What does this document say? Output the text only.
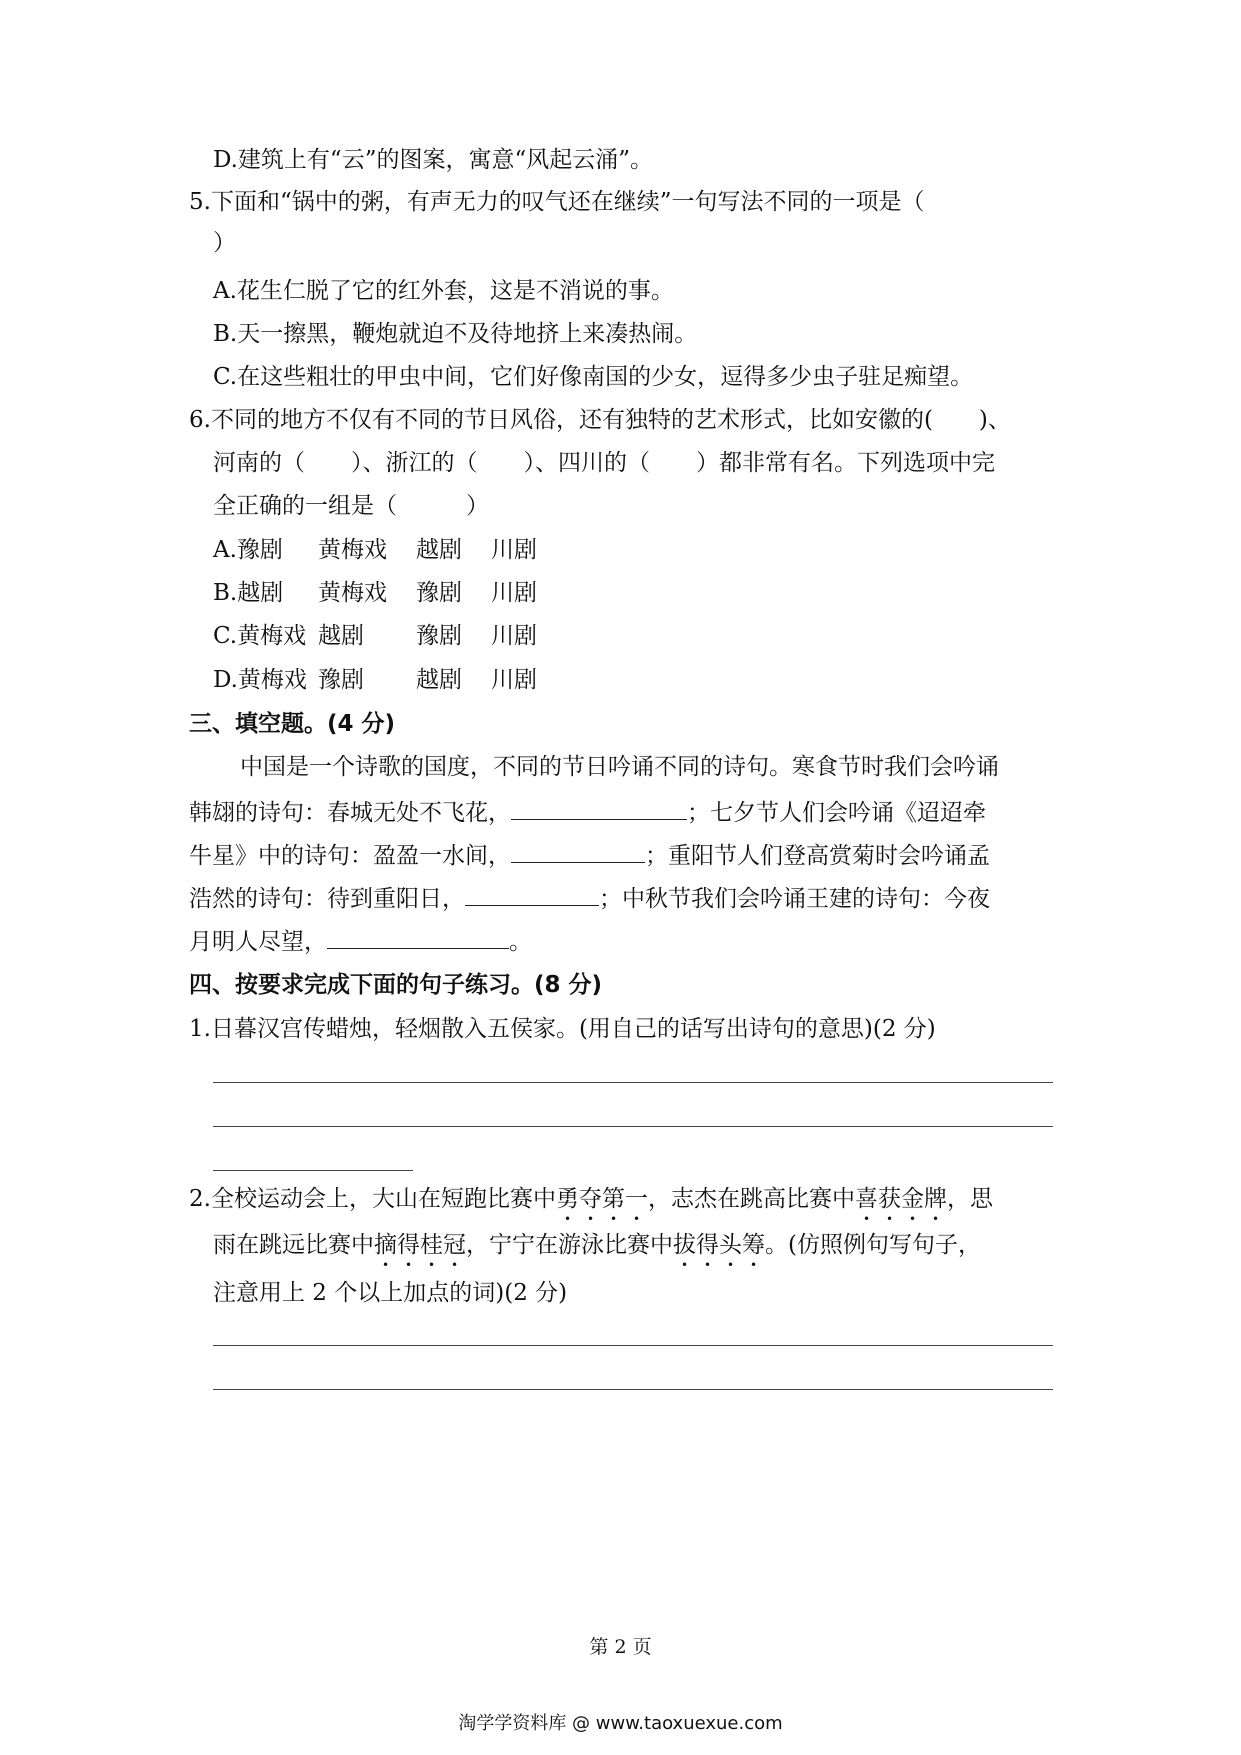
D.建筑上有“云”的图案，寓意“风起云涌”。
5.下面和“锅中的粥，有声无力的叹气还在继续”一句写法不同的一项是（
）
A.花生仁脱了它的红外套，这是不消说的事。
B.天一擦黑，鞭炮就迫不及待地挤上来凑热闹。
C.在这些粗壮的甲虫中间，它们好像南国的少女，逗得多少虫子驻足痴望。
6.不同的地方不仅有不同的节日风俗，还有独特的艺术形式，比如安徽的(　　)、
河南的（　　）、浙江的（　　）、四川的（　　）都非常有名。下列选项中完
全正确的一组是（　　　）
A.豫剧 黄梅戏 越剧 川剧
B.越剧 黄梅戏 豫剧 川剧
C.黄梅戏 越剧 豫剧 川剧
D.黄梅戏 豫剧 越剧 川剧
三、填空题。(4 分)
中国是一个诗歌的国度，不同的节日吟诵不同的诗句。寒食节时我们会吟诵
韩翃的诗句：春城无处不飞花，	；七夕节人们会吟诵《迢迢牵
牛星》中的诗句：盈盈一水间，	；重阳节人们登高赏菊时会吟诵孟
浩然的诗句：待到重阳日，	；中秋节我们会吟诵王建的诗句：今夜
月明人尽望，	。
四、按要求完成下面的句子练习。(8 分)
1.日暮汉宫传蜡烛，轻烟散入五侯家。(用自己的话写出诗句的意思)(2 分)
2.全校运动会上，大山在短跑比赛中勇夺第一，志杰在跳高比赛中喜获金牌，思
雨在跳远比赛中摘得桂冠，宁宁在游泳比赛中拔得头筹。(仿照例句写句子，
注意用上 2 个以上加点的词)(2 分)
第 2 页
淘学学资料库 @ www.taoxuexue.com
